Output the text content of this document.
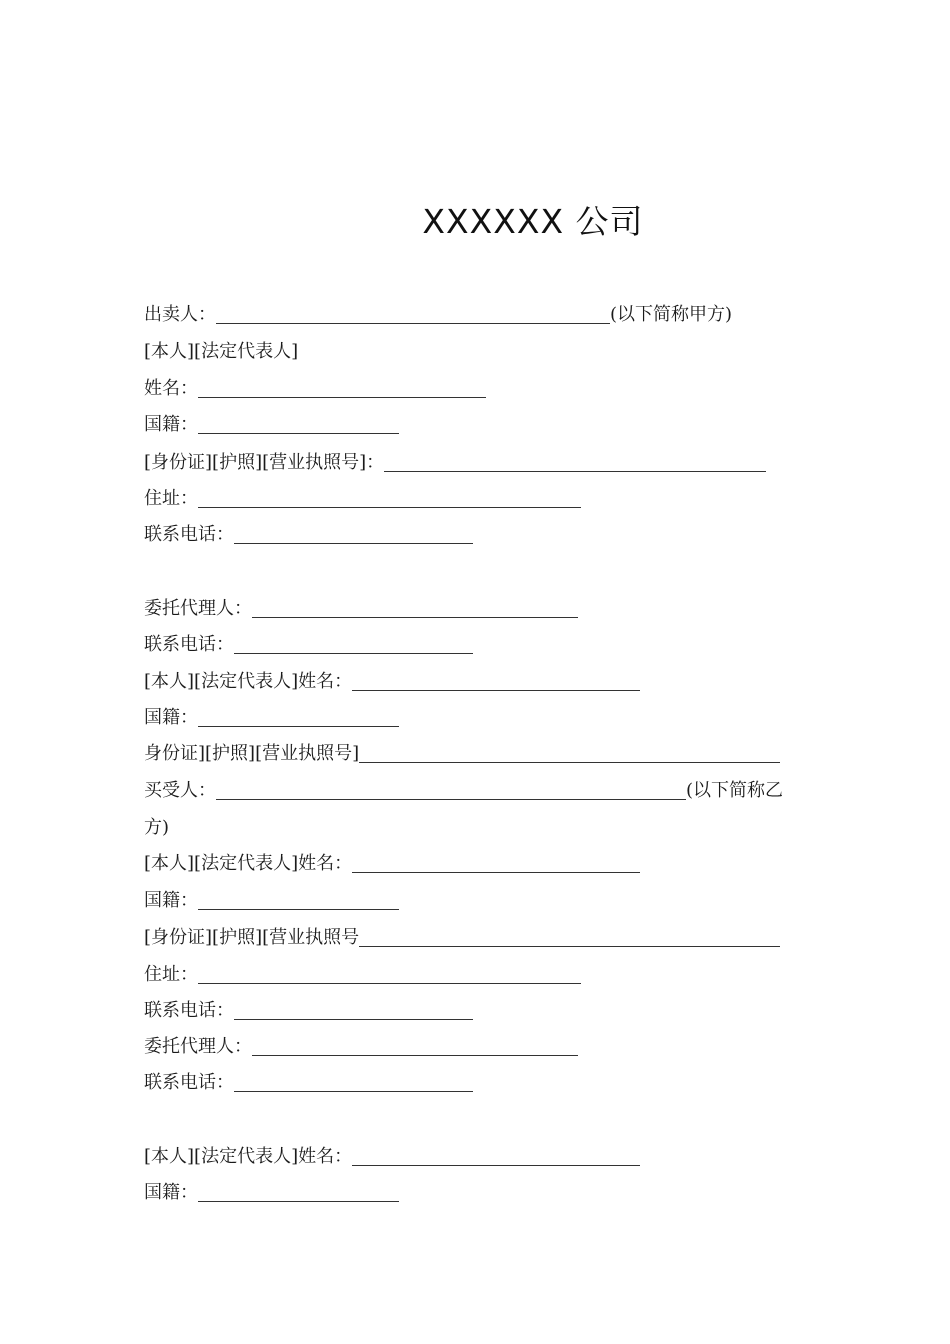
XXXXXX 公司
出卖人：	(以下简称甲方)
[本人][法定代表人]
姓名：
国籍：
[身份证][护照][营业执照号]：
住址：
联系电话：
委托代理人：
联系电话：
[本人][法定代表人]姓名：
国籍：
身份证][护照][营业执照号]
买受人：	(以下简称乙
方)
[本人][法定代表人]姓名：
国籍：
[身份证][护照][营业执照号
住址：
联系电话：
委托代理人：
联系电话：
[本人][法定代表人]姓名：
国籍：
